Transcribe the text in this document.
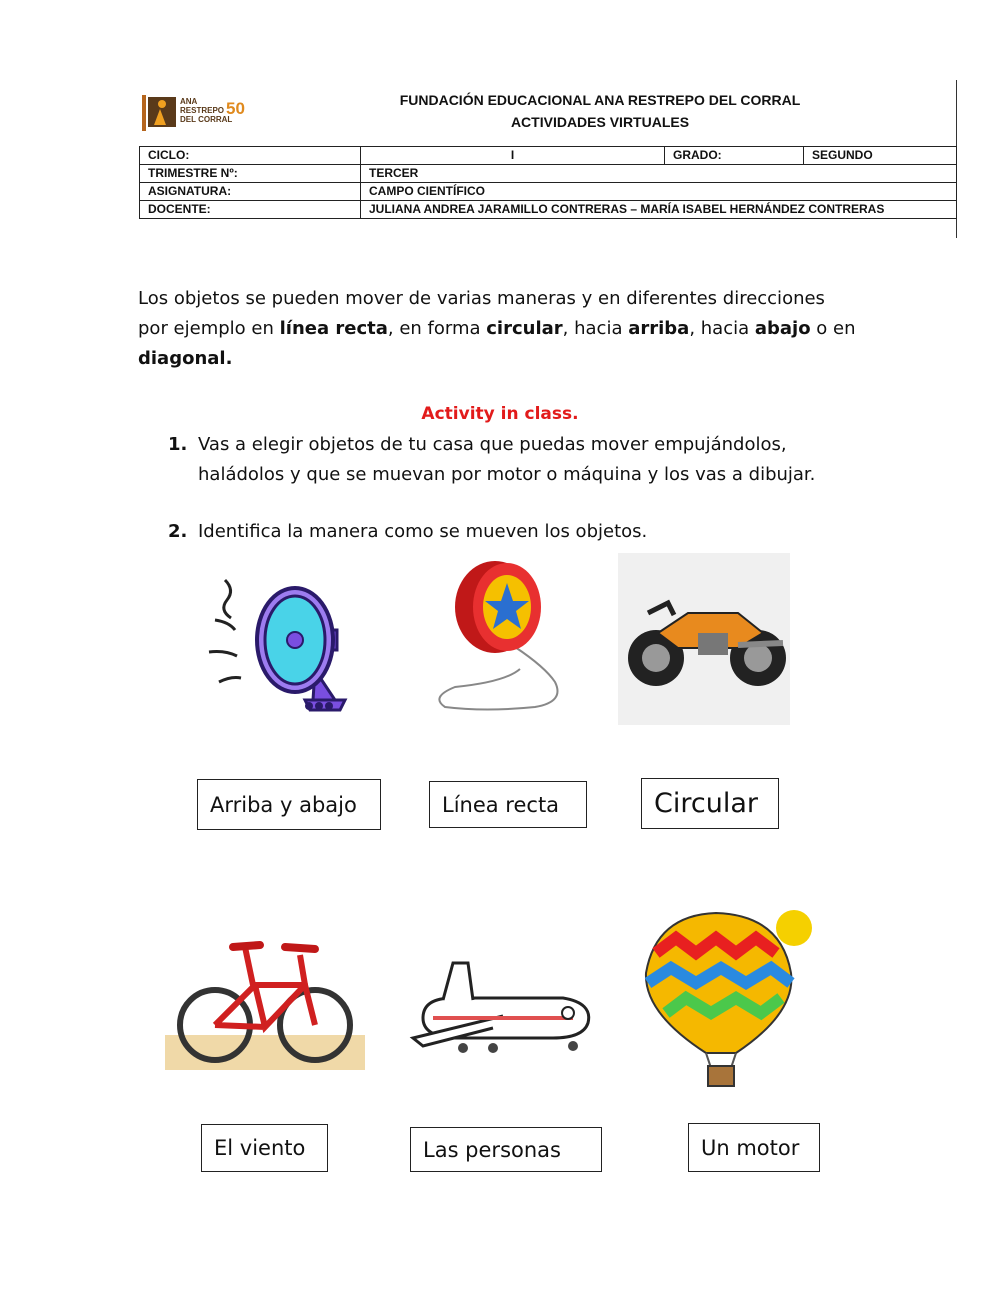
ANA
RESTREPO
DEL CORRAL
50	FUNDACIÓN EDUCACIONAL ANA RESTREPO DEL CORRAL
ACTIVIDADES VIRTUALES
CICLO:	I	GRADO:	SEGUNDO
TRIMESTRE Nº:	TERCER		
ASIGNATURA:	CAMPO CIENTÍFICO		
DOCENTE:	JULIANA ANDREA JARAMILLO CONTRERAS – MARÍA ISABEL HERNÁNDEZ CONTRERAS		
Los objetos se pueden mover de varias maneras y en diferentes direcciones por ejemplo en línea recta, en forma circular, hacia arriba, hacia abajo o en diagonal.
Activity in class.
1. Vas a elegir objetos de tu casa que puedas mover empujándolos, haládolos y que se muevan por motor o máquina y los vas a dibujar.
2. Identifica la manera como se mueven los objetos.
Arriba y abajo	Línea recta	Circular
El viento	Las personas	Un motor
